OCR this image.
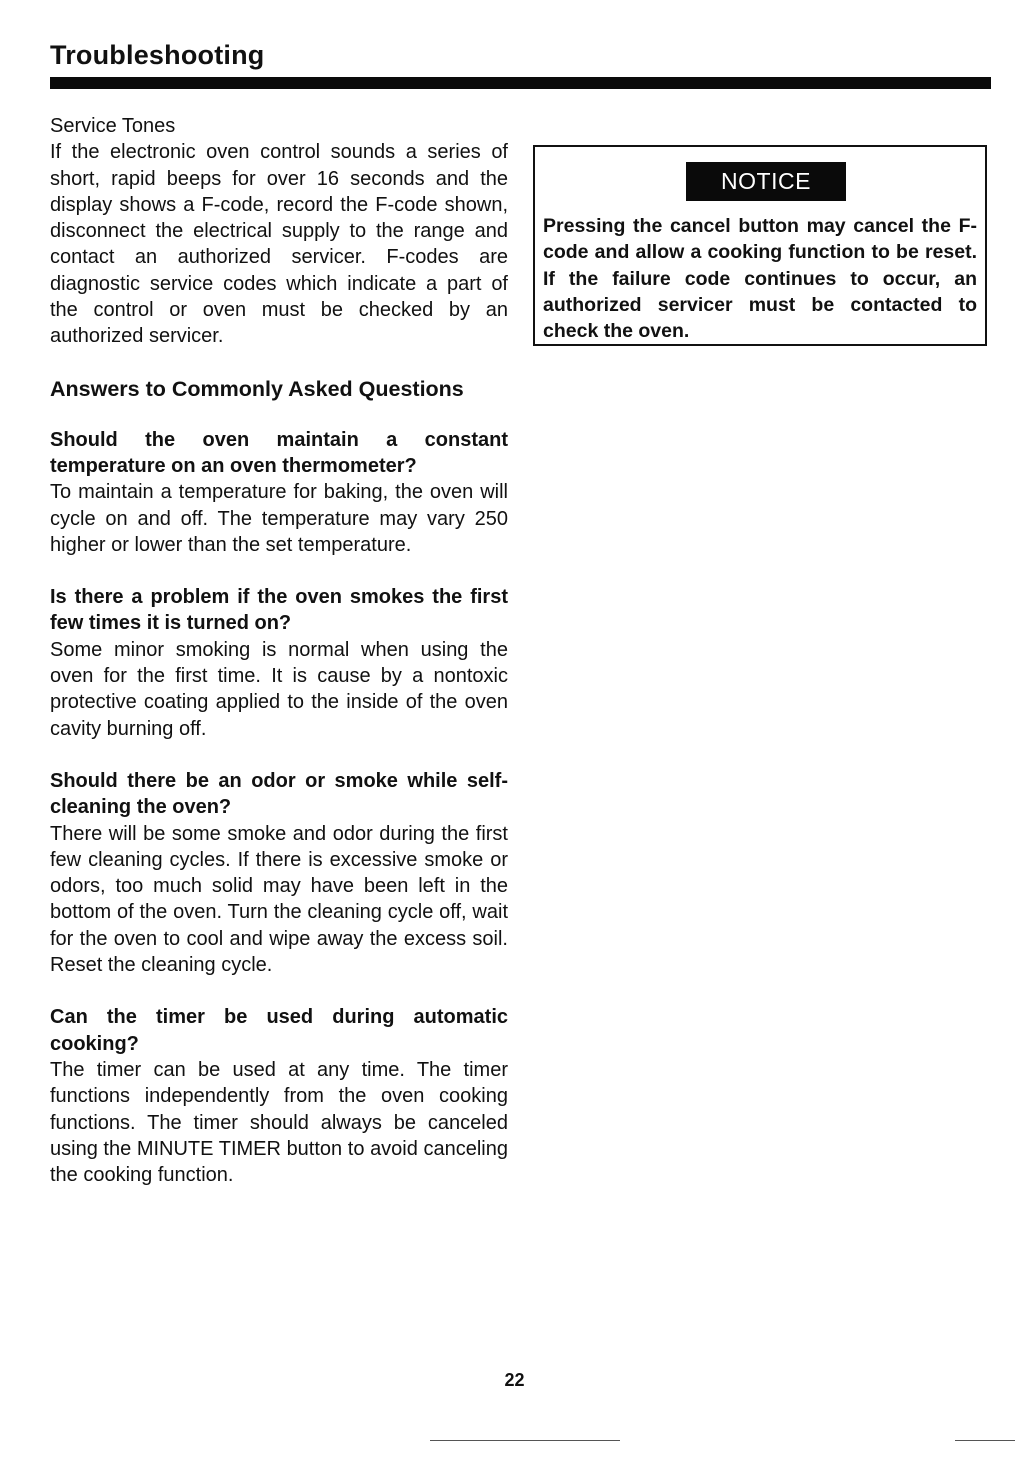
Troubleshooting
Service Tones

If the electronic oven control sounds a series of short, rapid beeps for over 16 seconds and the display shows a F-code, record the F-code shown, disconnect the electrical supply to the range and contact an authorized servicer. F-codes are diagnostic service codes which indicate a part of the control or oven must be checked by an authorized servicer.

Answers to Commonly Asked Questions
Should the oven maintain a constant temperature on an oven thermometer?

To maintain a temperature for baking, the oven will cycle on and off. The temperature may vary 250 higher or lower than the set temperature.

Is there a problem if the oven smokes the first few times it is turned on?

Some minor smoking is normal when using the oven for the first time. It is cause by a nontoxic protective coating applied to the inside of the oven cavity burning off.

Should there be an odor or smoke while self-cleaning the oven?

There will be some smoke and odor during the first few cleaning cycles. If there is excessive smoke or odors, too much solid may have been left in the bottom of the oven. Turn the cleaning cycle off, wait for the oven to cool and wipe away the excess soil. Reset the cleaning cycle.

Can the timer be used during automatic cooking?

The timer can be used at any time. The timer functions independently from the oven cooking functions. The timer should always be canceled using the MINUTE TIMER button to avoid canceling the cooking function.

NOTICE

Pressing the cancel button may cancel the F-code and allow a cooking function to be reset. If the failure code continues to occur, an authorized servicer must be contacted to check the oven.

22
